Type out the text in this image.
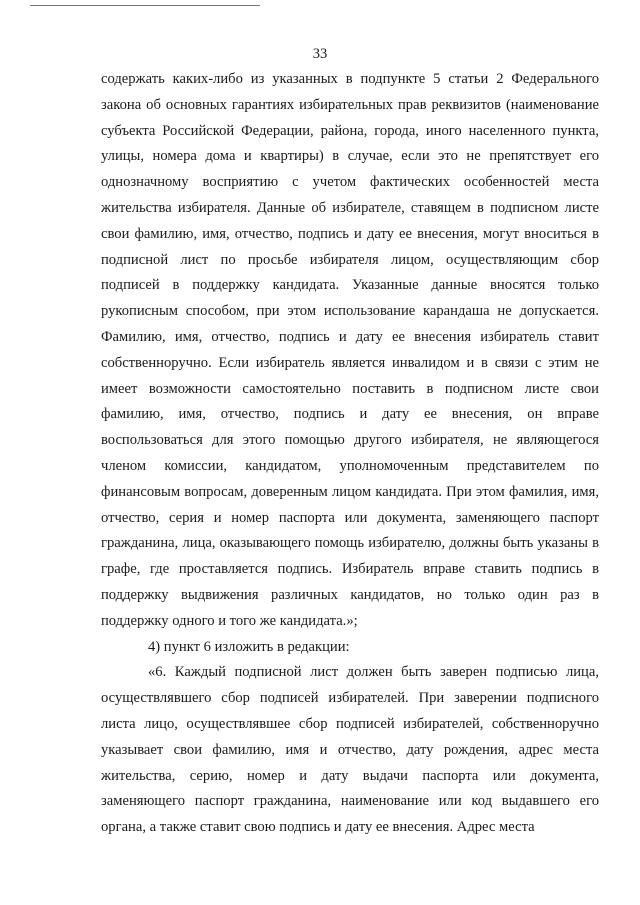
33

содержать каких-либо из указанных в подпункте 5 статьи 2 Федерального закона об основных гарантиях избирательных прав реквизитов (наименование субъекта Российской Федерации, района, города, иного населенного пункта, улицы, номера дома и квартиры) в случае, если это не препятствует его однозначному восприятию с учетом фактических особенностей места жительства избирателя. Данные об избирателе, ставящем в подписном листе свои фамилию, имя, отчество, подпись и дату ее внесения, могут вноситься в подписной лист по просьбе избирателя лицом, осуществляющим сбор подписей в поддержку кандидата. Указанные данные вносятся только рукописным способом, при этом использование карандаша не допускается. Фамилию, имя, отчество, подпись и дату ее внесения избиратель ставит собственноручно. Если избиратель является инвалидом и в связи с этим не имеет возможности самостоятельно поставить в подписном листе свои фамилию, имя, отчество, подпись и дату ее внесения, он вправе воспользоваться для этого помощью другого избирателя, не являющегося членом комиссии, кандидатом, уполномоченным представителем по финансовым вопросам, доверенным лицом кандидата. При этом фамилия, имя, отчество, серия и номер паспорта или документа, заменяющего паспорт гражданина, лица, оказывающего помощь избирателю, должны быть указаны в графе, где проставляется подпись. Избиратель вправе ставить подпись в поддержку выдвижения различных кандидатов, но только один раз в поддержку одного и того же кандидата.»;

4) пункт 6 изложить в редакции:

«6. Каждый подписной лист должен быть заверен подписью лица, осуществлявшего сбор подписей избирателей. При заверении подписного листа лицо, осуществлявшее сбор подписей избирателей, собственноручно указывает свои фамилию, имя и отчество, дату рождения, адрес места жительства, серию, номер и дату выдачи паспорта или документа, заменяющего паспорт гражданина, наименование или код выдавшего его органа, а также ставит свою подпись и дату ее внесения. Адрес места
